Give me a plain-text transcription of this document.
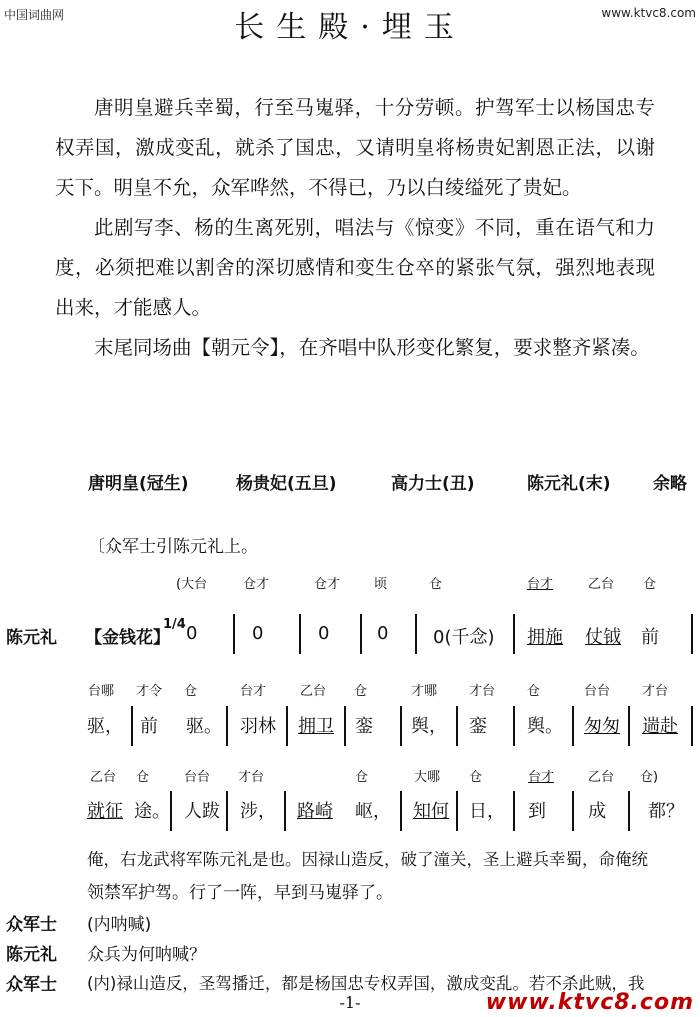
中国词曲网	www.ktvc8.com
长生殿·埋玉

唐明皇避兵幸蜀，行至马嵬驿，十分劳顿。护驾军士以杨国忠专权弄国，激成变乱，就杀了国忠，又请明皇将杨贵妃割恩正法，以谢天下。明皇不允，众军哗然，不得已，乃以白绫缢死了贵妃。

此剧写李、杨的生离死别，唱法与《惊变》不同，重在语气和力度，必须把难以割舍的深切感情和变生仓卒的紧张气氛，强烈地表现出来，才能感人。

末尾同场曲【朝元令】，在齐唱中队形变化繁复，要求整齐紧凑。

唐明皇(冠生)	杨贵妃(五旦)	高力士(丑)	陈元礼(末) 余略
〔众军士引陈元礼上。
(大台	仓才	仓才	顷	仓	台才	乙台 仓
陈元礼 【金钱花】
1/4 0	0	0	0 0(千念) 拥施 仗钺 前
台哪 才令 仓	台才	乙台 仓	才哪 才台 仓	台台 才台
驱， 前 驱。 羽林 拥卫 銮 舆， 銮 舆。 匆匆 遄赴
乙台 仓	台台 才台	仓	大哪 仓	台才	乙台 仓)
就征 途。 人跋 涉， 路崎 岖， 知何 日， 到 成 都？
俺，右龙武将军陈元礼是也。因禄山造反，破了潼关，圣上避兵幸蜀，命俺统
领禁军护驾。行了一阵，早到马嵬驿了。
众军士 (内呐喊)
陈元礼 众兵为何呐喊？
众军士 (内)禄山造反，圣驾播迁，都是杨国忠专权弄国，激成变乱。若不杀此贼，我
-1-	www.ktvc8.com
